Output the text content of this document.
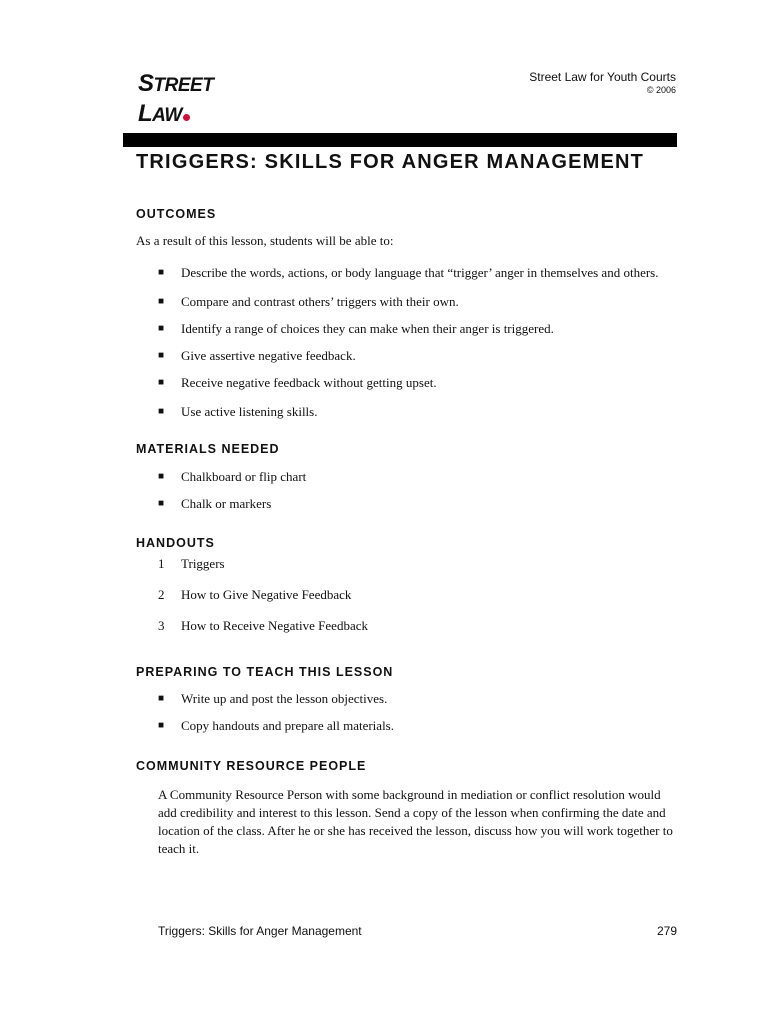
STREET LAW
Street Law for Youth Courts
© 2006
TRIGGERS: SKILLS FOR ANGER MANAGEMENT
OUTCOMES
As a result of this lesson, students will be able to:
■ Describe the words, actions, or body language that “trigger’ anger in themselves and others.
■ Compare and contrast others’ triggers with their own.
■ Identify a range of choices they can make when their anger is triggered.
■ Give assertive negative feedback.
■ Receive negative feedback without getting upset.
■ Use active listening skills.
MATERIALS NEEDED
■ Chalkboard or flip chart
■ Chalk or markers
HANDOUTS
1 Triggers
2 How to Give Negative Feedback
3 How to Receive Negative Feedback
PREPARING TO TEACH THIS LESSON
■ Write up and post the lesson objectives.
■ Copy handouts and prepare all materials.
COMMUNITY RESOURCE PEOPLE
A Community Resource Person with some background in mediation or conflict resolution would add credibility and interest to this lesson. Send a copy of the lesson when confirming the date and location of the class. After he or she has received the lesson, discuss how you will work together to teach it.
Triggers: Skills for Anger Management	279
